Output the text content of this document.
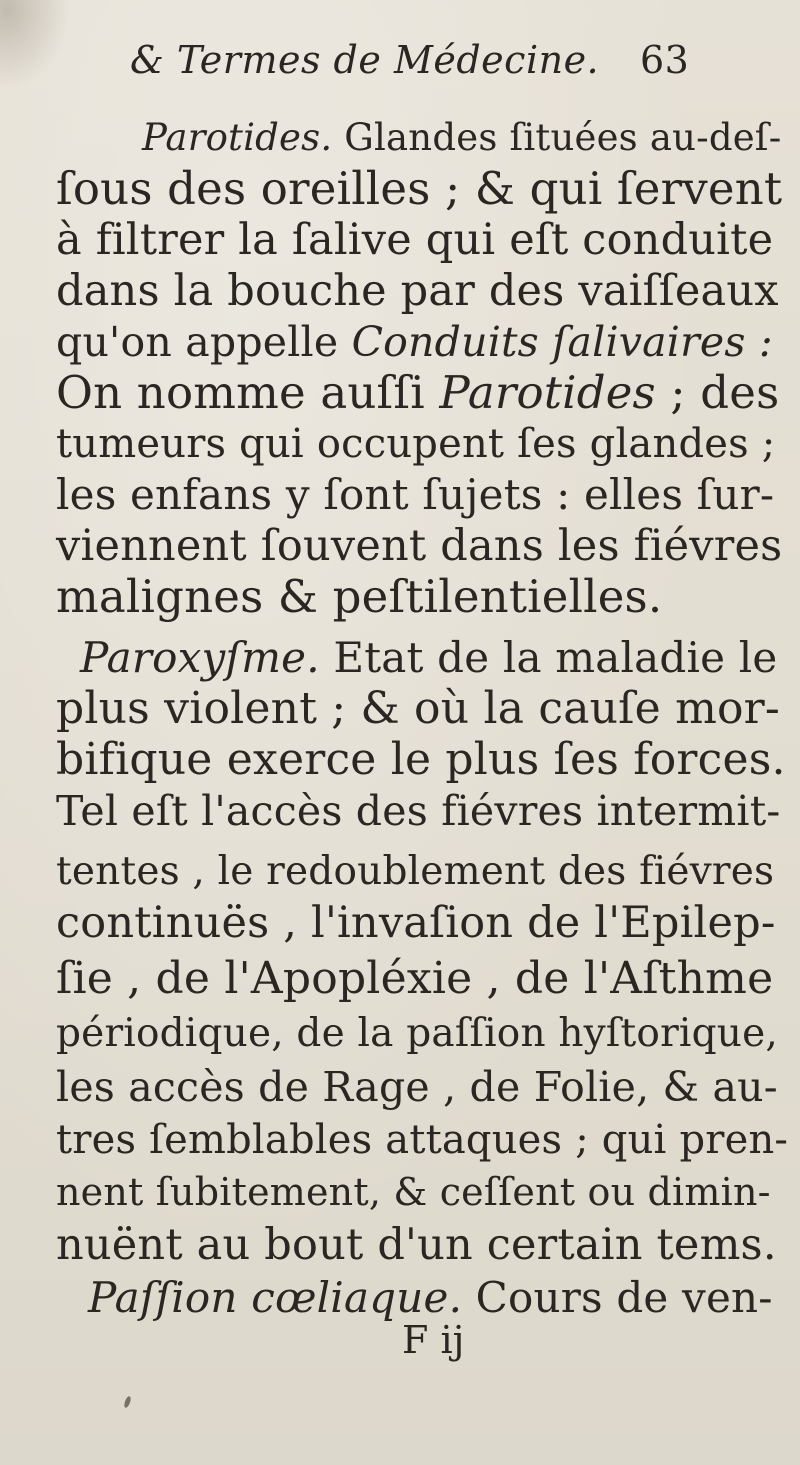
& Termes de Médecine. 63
Parotides. Glandes ſituées au-deſ-
ſous des oreilles ; & qui ſervent
à filtrer la ſalive qui eſt conduite
dans la bouche par des vaiſſeaux
qu'on appelle Conduits ſalivaires :
On nomme auſſi Parotides ; des
tumeurs qui occupent ſes glandes ;
les enfans y ſont ſujets : elles ſur-
viennent ſouvent dans les fiévres
malignes & peſtilentielles.
Paroxyſme. Etat de la maladie le
plus violent ; & où la cauſe mor-
bifique exerce le plus ſes forces.
Tel eſt l'accès des fiévres intermit-
tentes , le redoublement des fiévres
continuës , l'invaſion de l'Epilep-
ſie , de l'Apopléxie , de l'Aſthme
périodique, de la paſſion hyſtorique,
les accès de Rage , de Folie, & au-
tres ſemblables attaques ; qui pren-
nent ſubitement, & ceſſent ou dimin-
nuënt au bout d'un certain tems.
Paſſion cœliaque. Cours de ven-
F ij
